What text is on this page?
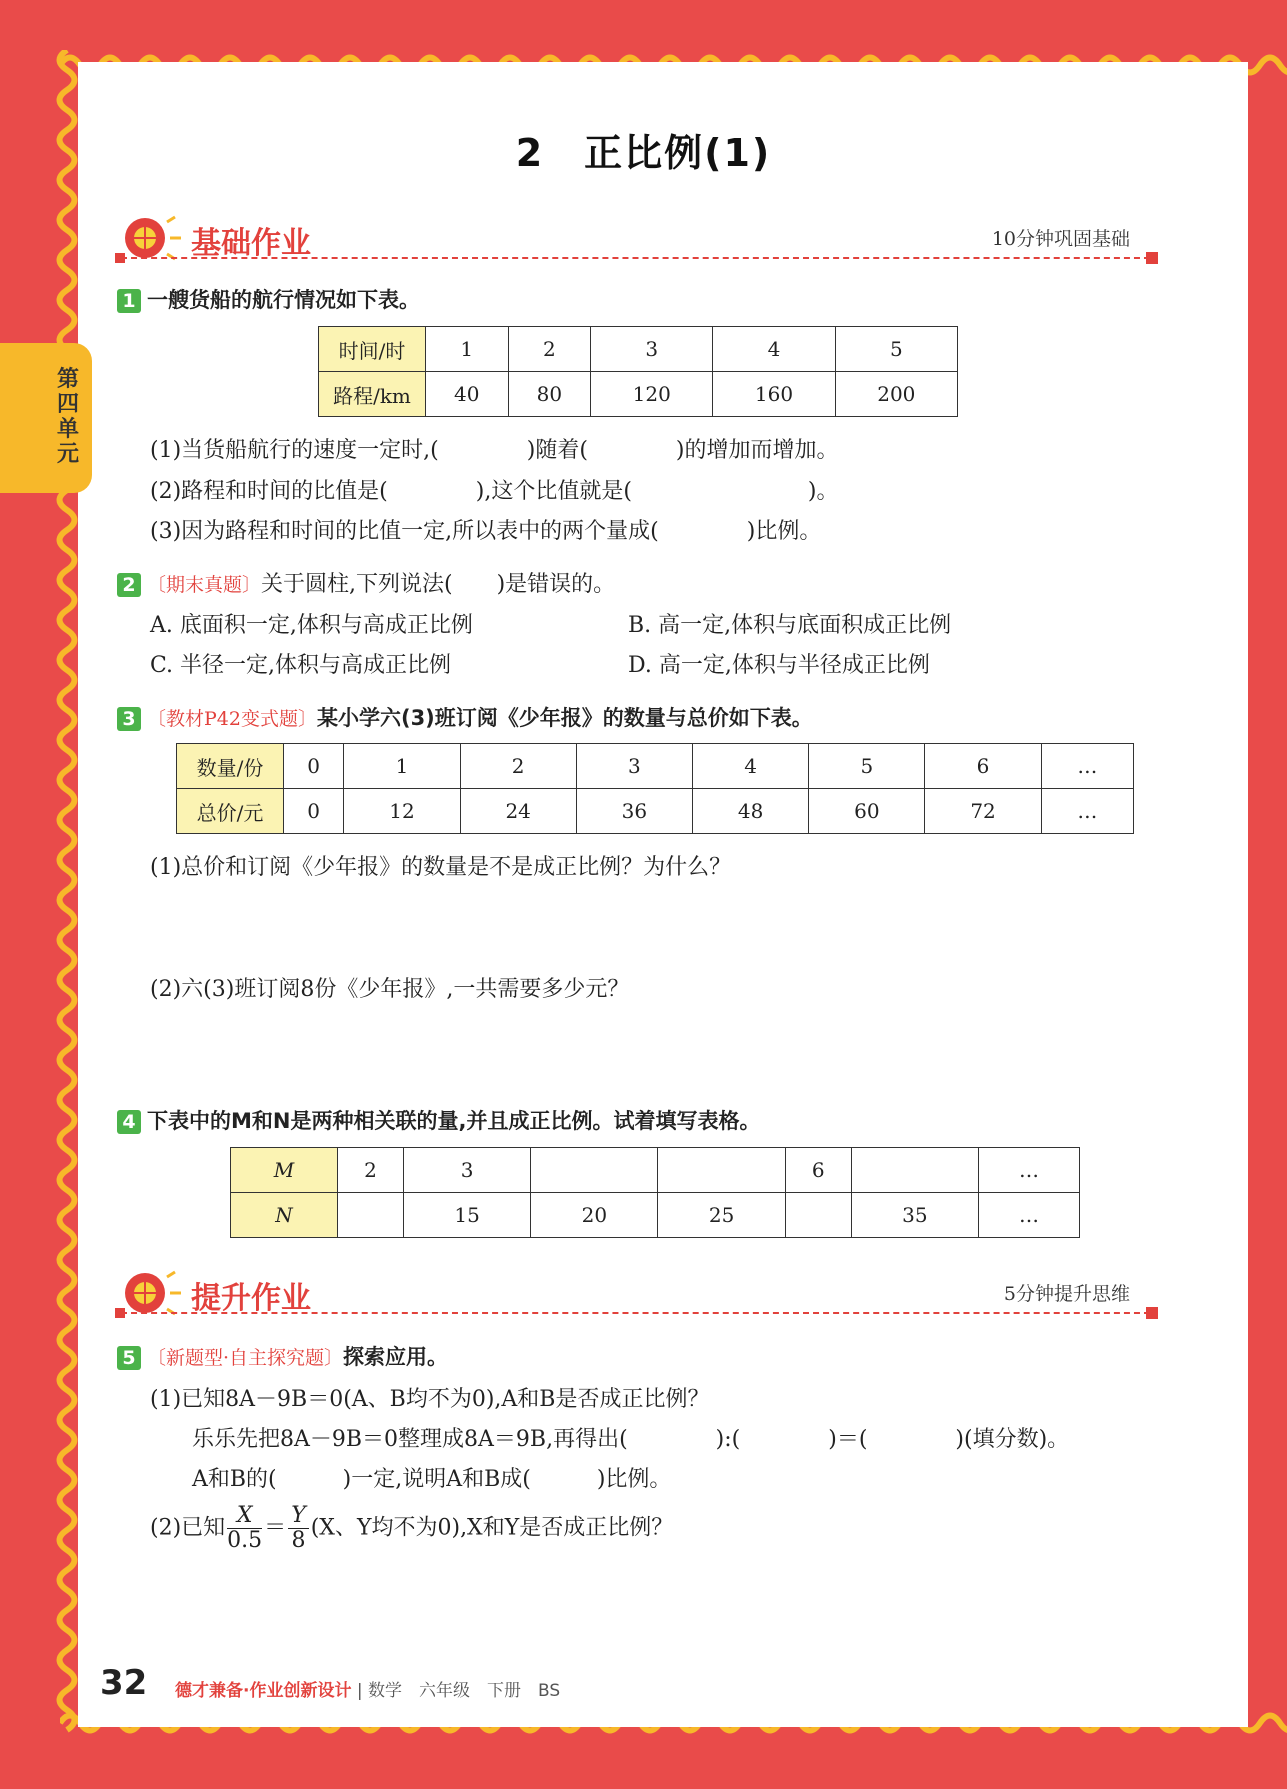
第四单元
2　正比例(1)
基础作业	10分钟巩固基础
1 一艘货船的航行情况如下表。
时间/时	1	2	3	4	5
路程/km	40	80	120	160	200
(1)当货船航行的速度一定时,(　　　　)随着(　　　　)的增加而增加。
(2)路程和时间的比值是(　　　　),这个比值就是(　　　　　　　　)。
(3)因为路程和时间的比值一定,所以表中的两个量成(　　　　)比例。
2 〔期末真题〕关于圆柱,下列说法(　　)是错误的。
A. 底面积一定,体积与高成正比例	B. 高一定,体积与底面积成正比例
C. 半径一定,体积与高成正比例	D. 高一定,体积与半径成正比例
3 〔教材P42变式题〕某小学六(3)班订阅《少年报》的数量与总价如下表。
数量/份	0	1	2	3	4	5	6	…
总价/元	0	12	24	36	48	60	72	…
(1)总价和订阅《少年报》的数量是不是成正比例？为什么？
(2)六(3)班订阅8份《少年报》,一共需要多少元？
4 下表中的M和N是两种相关联的量,并且成正比例。试着填写表格。
M	2	3			6		…
N		15	20	25		35	…
提升作业	5分钟提升思维
5 〔新题型·自主探究题〕探索应用。
(1)已知8A－9B＝0(A、B均不为0),A和B是否成正比例？
乐乐先把8A－9B＝0整理成8A＝9B,再得出(　　　　):(　　　　)＝(　　　　)(填分数)。
A和B的(　　　)一定,说明A和B成(　　　)比例。
(2)已知 $\frac{X}{0.5} = \frac{Y}{8} (X$、Y均不为0),X和Y是否成正比例？
32 德才兼备·作业创新设计 | 数学　六年级　下册　BS
